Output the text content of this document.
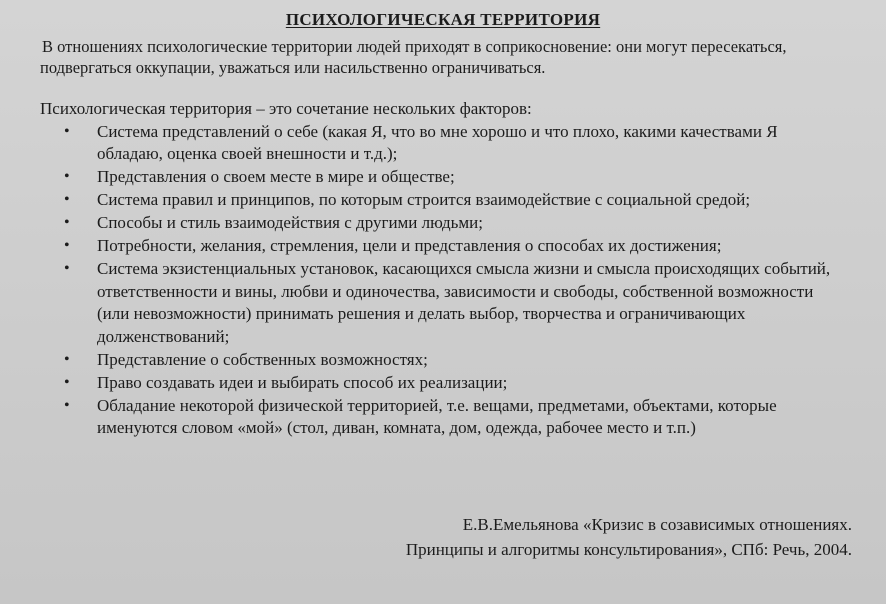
ПСИХОЛОГИЧЕСКАЯ ТЕРРИТОРИЯ
В отношениях психологические территории людей приходят в соприкосновение: они могут пересекаться, подвергаться оккупации, уважаться или насильственно ограничиваться.
Психологическая территория – это сочетание нескольких факторов:
• Система представлений о себе (какая Я, что во мне хорошо и что плохо, какими качествами Я обладаю, оценка своей внешности и т.д.);
• Представления о своем месте в мире и обществе;
• Система правил и принципов, по которым строится взаимодействие с социальной средой;
• Способы и стиль взаимодействия с другими людьми;
• Потребности, желания, стремления, цели и представления о способах их достижения;
• Система экзистенциальных установок, касающихся смысла жизни и смысла происходящих событий, ответственности и вины, любви и одиночества, зависимости и свободы, собственной возможности (или невозможности) принимать решения и делать выбор, творчества и ограничивающих долженствований;
• Представление о собственных возможностях;
• Право создавать идеи и выбирать способ их реализации;
• Обладание некоторой физической территорией, т.е. вещами, предметами, объектами, которые именуются словом «мой» (стол, диван, комната, дом, одежда, рабочее место и т.п.)
Е.В.Емельянова «Кризис в созависимых отношениях.
Принципы и алгоритмы консультирования», СПб: Речь, 2004.
